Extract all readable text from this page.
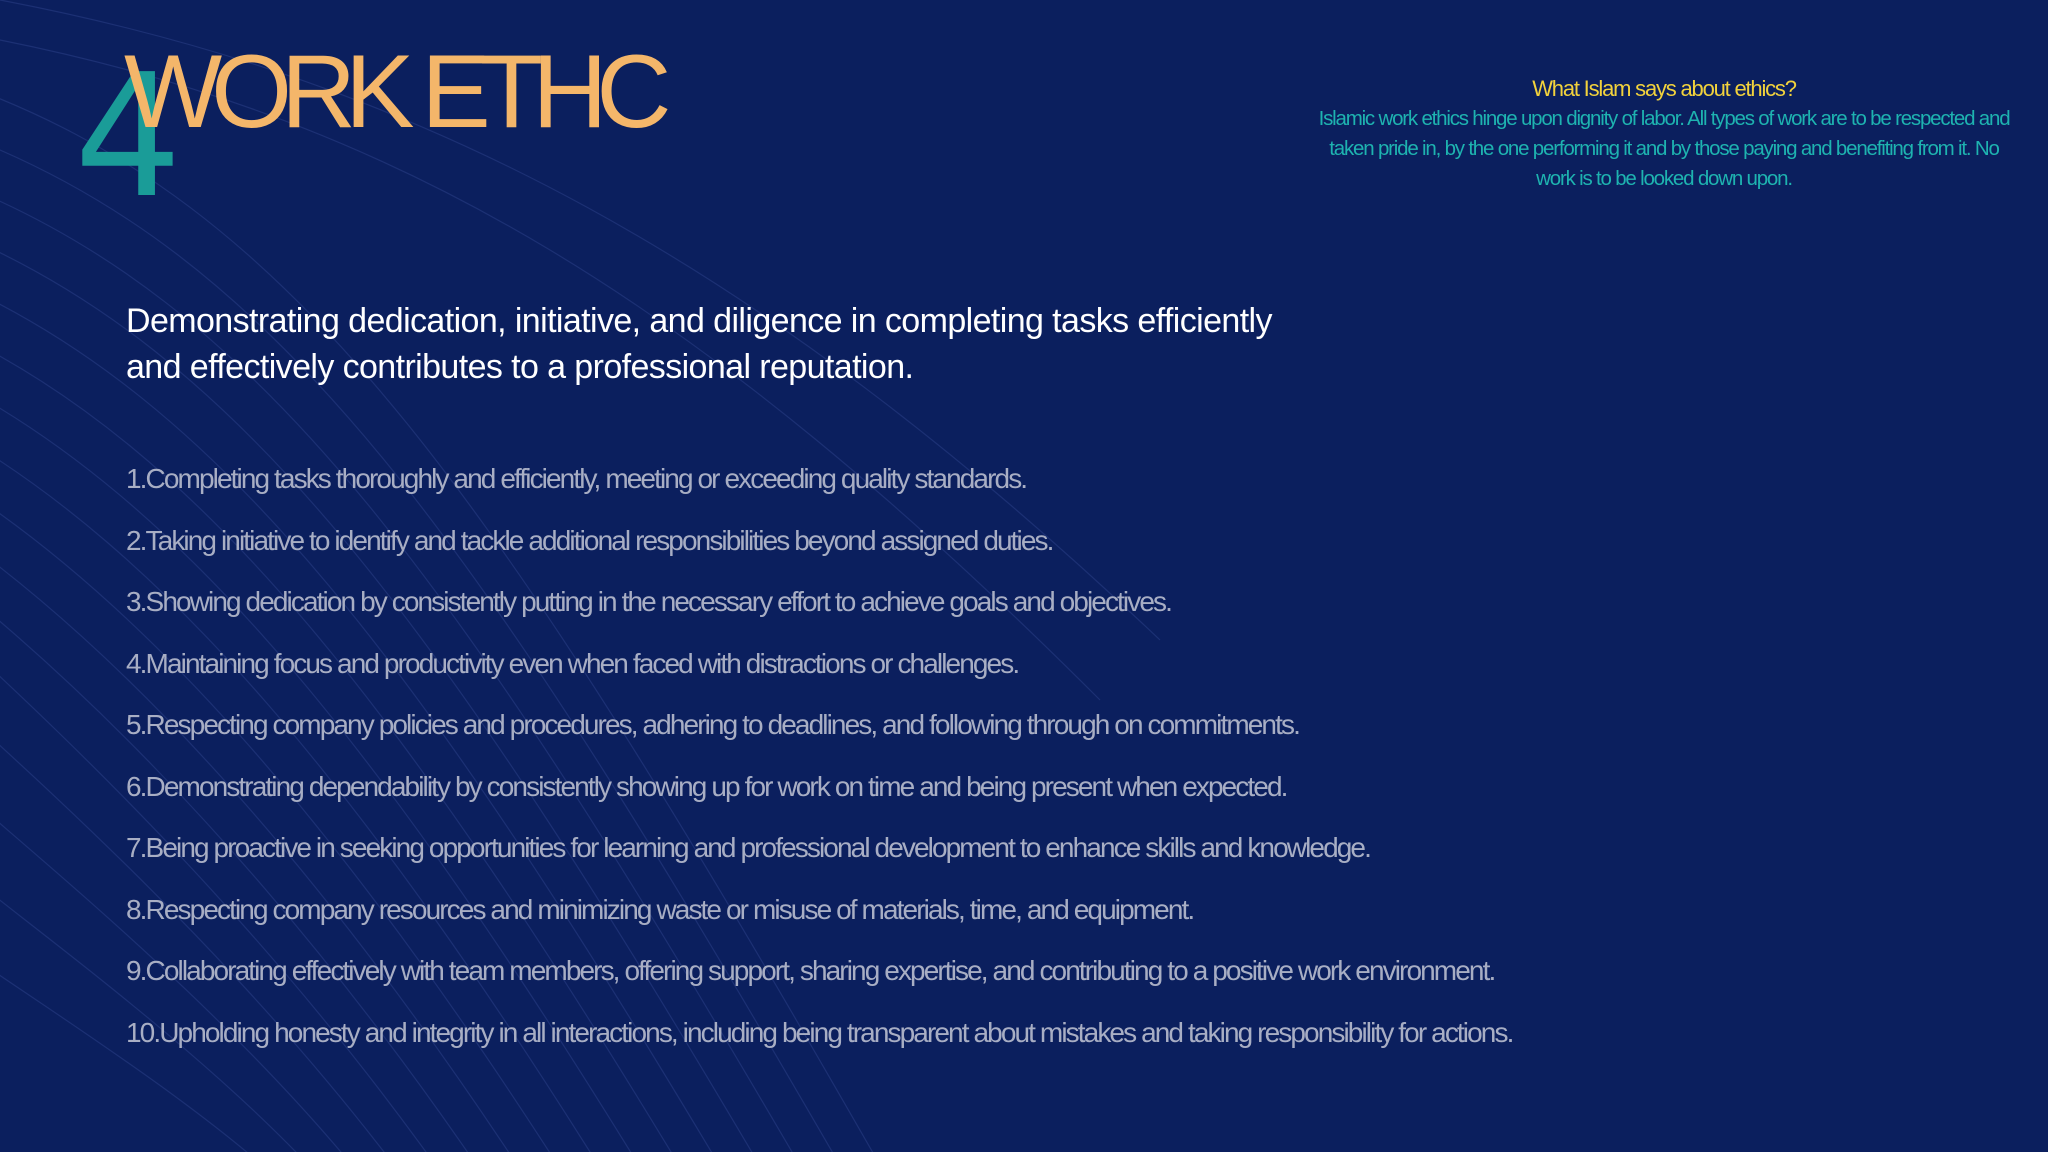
4
WORK ETHC	What Islam says about ethics?
Islamic work ethics hinge upon dignity of labor. All types of work are to be respected and taken pride in, by the one performing it and by those paying and benefiting from it. No work is to be looked down upon.
Demonstrating dedication, initiative, and diligence in completing tasks efficiently
and effectively contributes to a professional reputation.
1.Completing tasks thoroughly and efficiently, meeting or exceeding quality standards.
2.Taking initiative to identify and tackle additional responsibilities beyond assigned duties.
3.Showing dedication by consistently putting in the necessary effort to achieve goals and objectives.
4.Maintaining focus and productivity even when faced with distractions or challenges.
5.Respecting company policies and procedures, adhering to deadlines, and following through on commitments.
6.Demonstrating dependability by consistently showing up for work on time and being present when expected.
7.Being proactive in seeking opportunities for learning and professional development to enhance skills and knowledge.
8.Respecting company resources and minimizing waste or misuse of materials, time, and equipment.
9.Collaborating effectively with team members, offering support, sharing expertise, and contributing to a positive work environment.
10.Upholding honesty and integrity in all interactions, including being transparent about mistakes and taking responsibility for actions.
